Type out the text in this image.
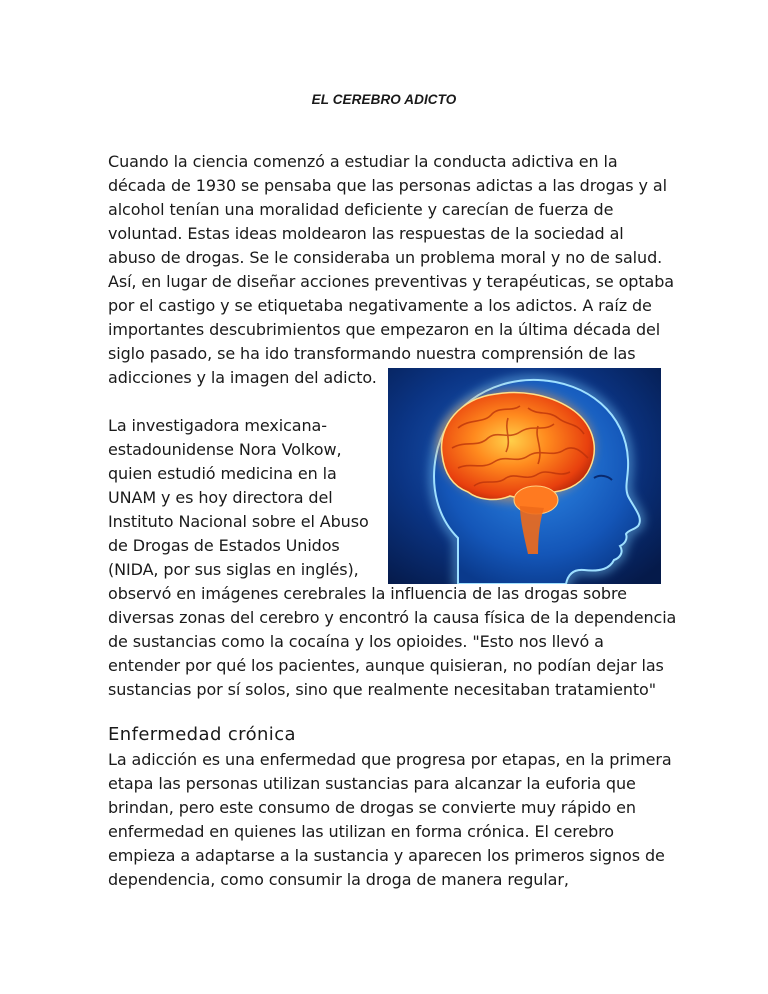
EL CEREBRO ADICTO
Cuando la ciencia comenzó a estudiar la conducta adictiva en la
década de 1930 se pensaba que las personas adictas a las drogas y al
alcohol tenían una moralidad deficiente y carecían de fuerza de
voluntad. Estas ideas moldearon las respuestas de la sociedad al
abuso de drogas. Se le consideraba un problema moral y no de salud.
Así, en lugar de diseñar acciones preventivas y terapéuticas, se optaba
por el castigo y se etiquetaba negativamente a los adictos. A raíz de
importantes descubrimientos que empezaron en la última década del
siglo pasado, se ha ido transformando nuestra comprensión de las
adicciones y la imagen del adicto.
La investigadora mexicana-
estadounidense Nora Volkow,
quien estudió medicina en la
UNAM y es hoy directora del
Instituto Nacional sobre el Abuso
de Drogas de Estados Unidos
(NIDA, por sus siglas en inglés),
observó en imágenes cerebrales la influencia de las drogas sobre
diversas zonas del cerebro y encontró la causa física de la dependencia
de sustancias como la cocaína y los opioides. "Esto nos llevó a
entender por qué los pacientes, aunque quisieran, no podían dejar las
sustancias por sí solos, sino que realmente necesitaban tratamiento"
Enfermedad crónica
La adicción es una enfermedad que progresa por etapas, en la primera
etapa las personas utilizan sustancias para alcanzar la euforia que
brindan, pero este consumo de drogas se convierte muy rápido en
enfermedad en quienes las utilizan en forma crónica. El cerebro
empieza a adaptarse a la sustancia y aparecen los primeros signos de
dependencia, como consumir la droga de manera regular,
